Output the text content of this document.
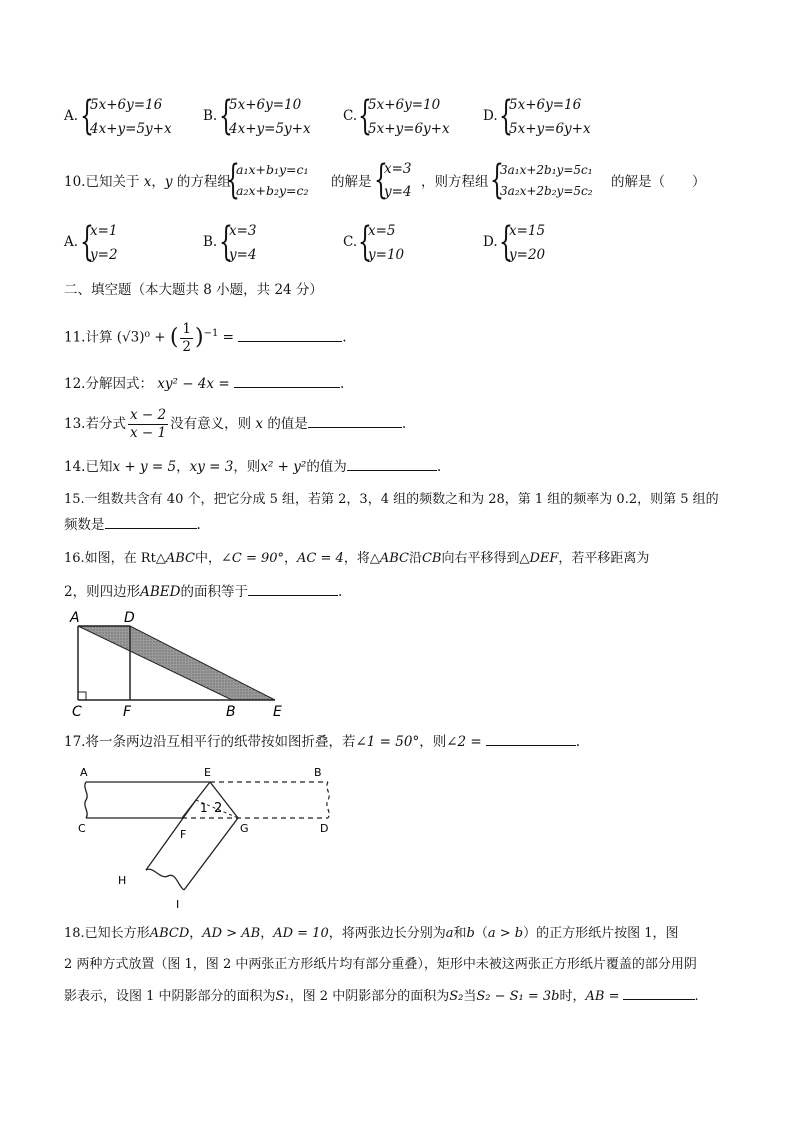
A. {
5x+6y=16
4x+y=5y+x
B. {
5x+6y=10
4x+y=5y+x
C. {
5x+6y=10
5x+y=6y+x
D. {
5x+6y=16
5x+y=6y+x
10.已知关于 x，y 的方程组
{
a₁x+b₁y=c₁
a₂x+b₂y=c₂
的解是 {
x=3
y=4
，则方程组 {
3a₁x+2b₁y=5c₁
3a₂x+2b₂y=5c₂
的解是（　　）
A. {
x=1
y=2
B. {
x=3
y=4
C. {
x=5
y=10
D. {
x=15
y=20
二、填空题（本大题共 8 小题，共 24 分）
11.计算 (√3)⁰ + ( $\frac{1}{2} )^{-1}$ =	.
12.分解因式： xy² − 4x =	.
13.若分式 $\frac{x - 2}{x - 1}$ 没有意义，则 x 的值是	.
14.已知x + y = 5，xy = 3，则x² + y²的值为	.
15.一组数共含有 40 个，把它分成 5 组，若第 2，3，4 组的频数之和为 28，第 1 组的频率为 0.2，则第 5 组的
频数是	.
16.如图，在 Rt△ABC中，∠C = 90°，AC = 4，将△ABC沿CB向右平移得到△DEF，若平移距离为
2，则四边形ABED的面积等于	.
A	D
C	F	B	E
17.将一条两边沿互相平行的纸带按如图折叠，若∠1 = 50°，则∠2 =	.
A	E	B
C	F	G	D
H
I
1 2
18.已知长方形ABCD，AD > AB，AD = 10，将两张边长分别为a和b（a > b）的正方形纸片按图 1，图
2 两种方式放置（图 1，图 2 中两张正方形纸片均有部分重叠），矩形中未被这两张正方形纸片覆盖的部分用阴
影表示，设图 1 中阴影部分的面积为S₁，图 2 中阴影部分的面积为S₂当S₂ − S₁ = 3b时，AB =	.
